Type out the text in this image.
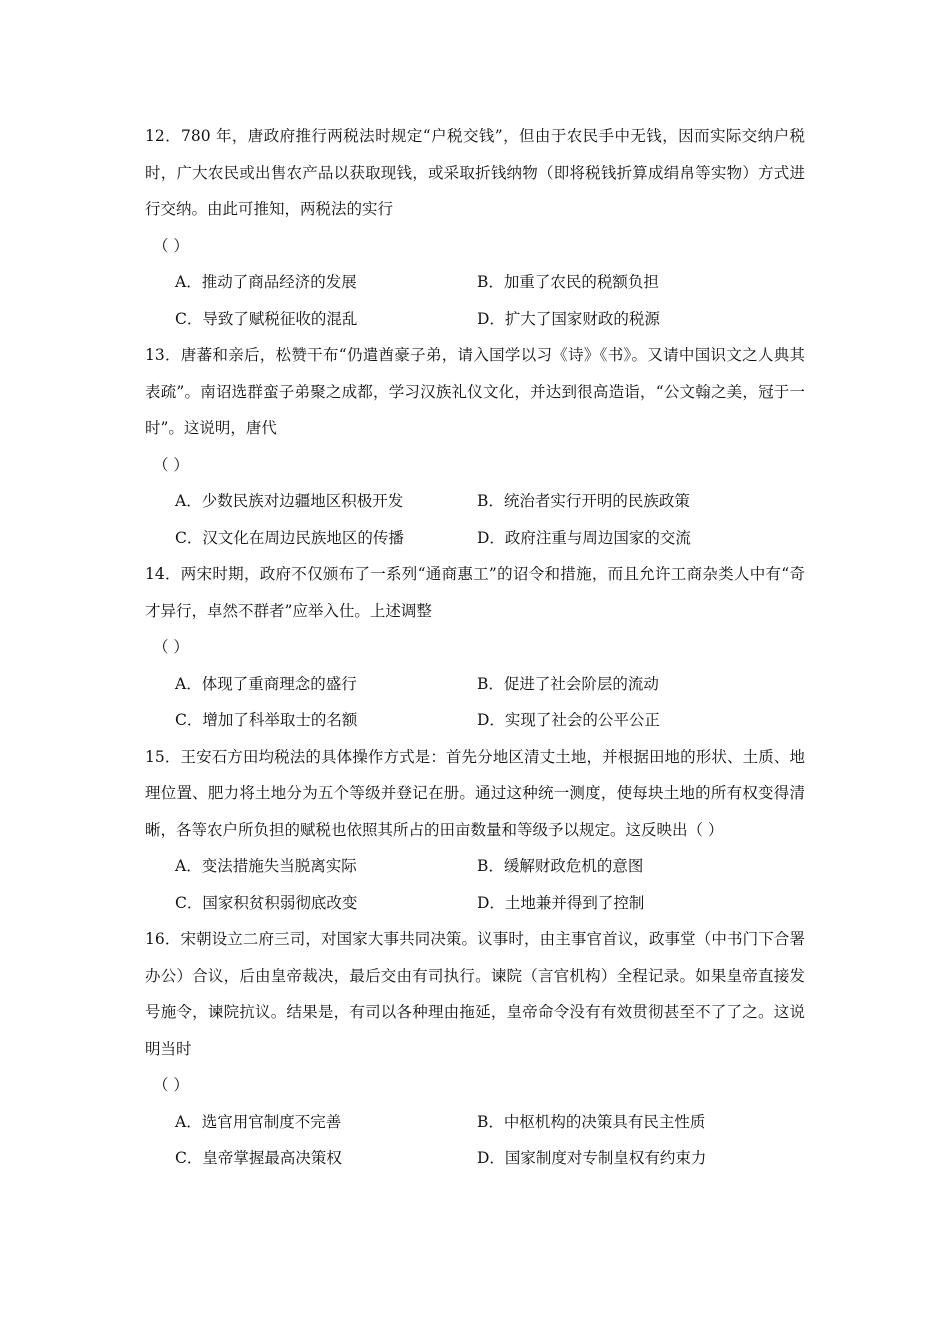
12．780 年，唐政府推行两税法时规定“户税交钱”，但由于农民手中无钱，因而实际交纳户税时，广大农民或出售农产品以获取现钱，或采取折钱纳物（即将税钱折算成绢帛等实物）方式进行交纳。由此可推知，两税法的实行

（ ）

A．推动了商品经济的发展	B．加重了农民的税额负担
C．导致了赋税征收的混乱	D．扩大了国家财政的税源

13．唐蕃和亲后，松赞干布“仍遣酋豪子弟，请入国学以习《诗》《书》。又请中国识文之人典其表疏”。南诏选群蛮子弟聚之成都，学习汉族礼仪文化，并达到很高造诣，“公文翰之美，冠于一时”。这说明，唐代

（ ）

A．少数民族对边疆地区积极开发	B．统治者实行开明的民族政策
C．汉文化在周边民族地区的传播	D．政府注重与周边国家的交流

14．两宋时期，政府不仅颁布了一系列“通商惠工”的诏令和措施，而且允许工商杂类人中有“奇才异行，卓然不群者”应举入仕。上述调整

（ ）

A．体现了重商理念的盛行	B．促进了社会阶层的流动
C．增加了科举取士的名额	D．实现了社会的公平公正

15．王安石方田均税法的具体操作方式是：首先分地区清丈土地，并根据田地的形状、土质、地理位置、肥力将土地分为五个等级并登记在册。通过这种统一测度，使每块土地的所有权变得清晰，各等农户所负担的赋税也依照其所占的田亩数量和等级予以规定。这反映出（ ）

A．变法措施失当脱离实际	B．缓解财政危机的意图
C．国家积贫积弱彻底改变	D．土地兼并得到了控制

16．宋朝设立二府三司，对国家大事共同决策。议事时，由主事官首议，政事堂（中书门下合署办公）合议，后由皇帝裁决，最后交由有司执行。谏院（言官机构）全程记录。如果皇帝直接发号施令，谏院抗议。结果是，有司以各种理由拖延，皇帝命令没有有效贯彻甚至不了了之。这说明当时

（ ）

A．选官用官制度不完善	B．中枢机构的决策具有民主性质
C．皇帝掌握最高决策权	D．国家制度对专制皇权有约束力
